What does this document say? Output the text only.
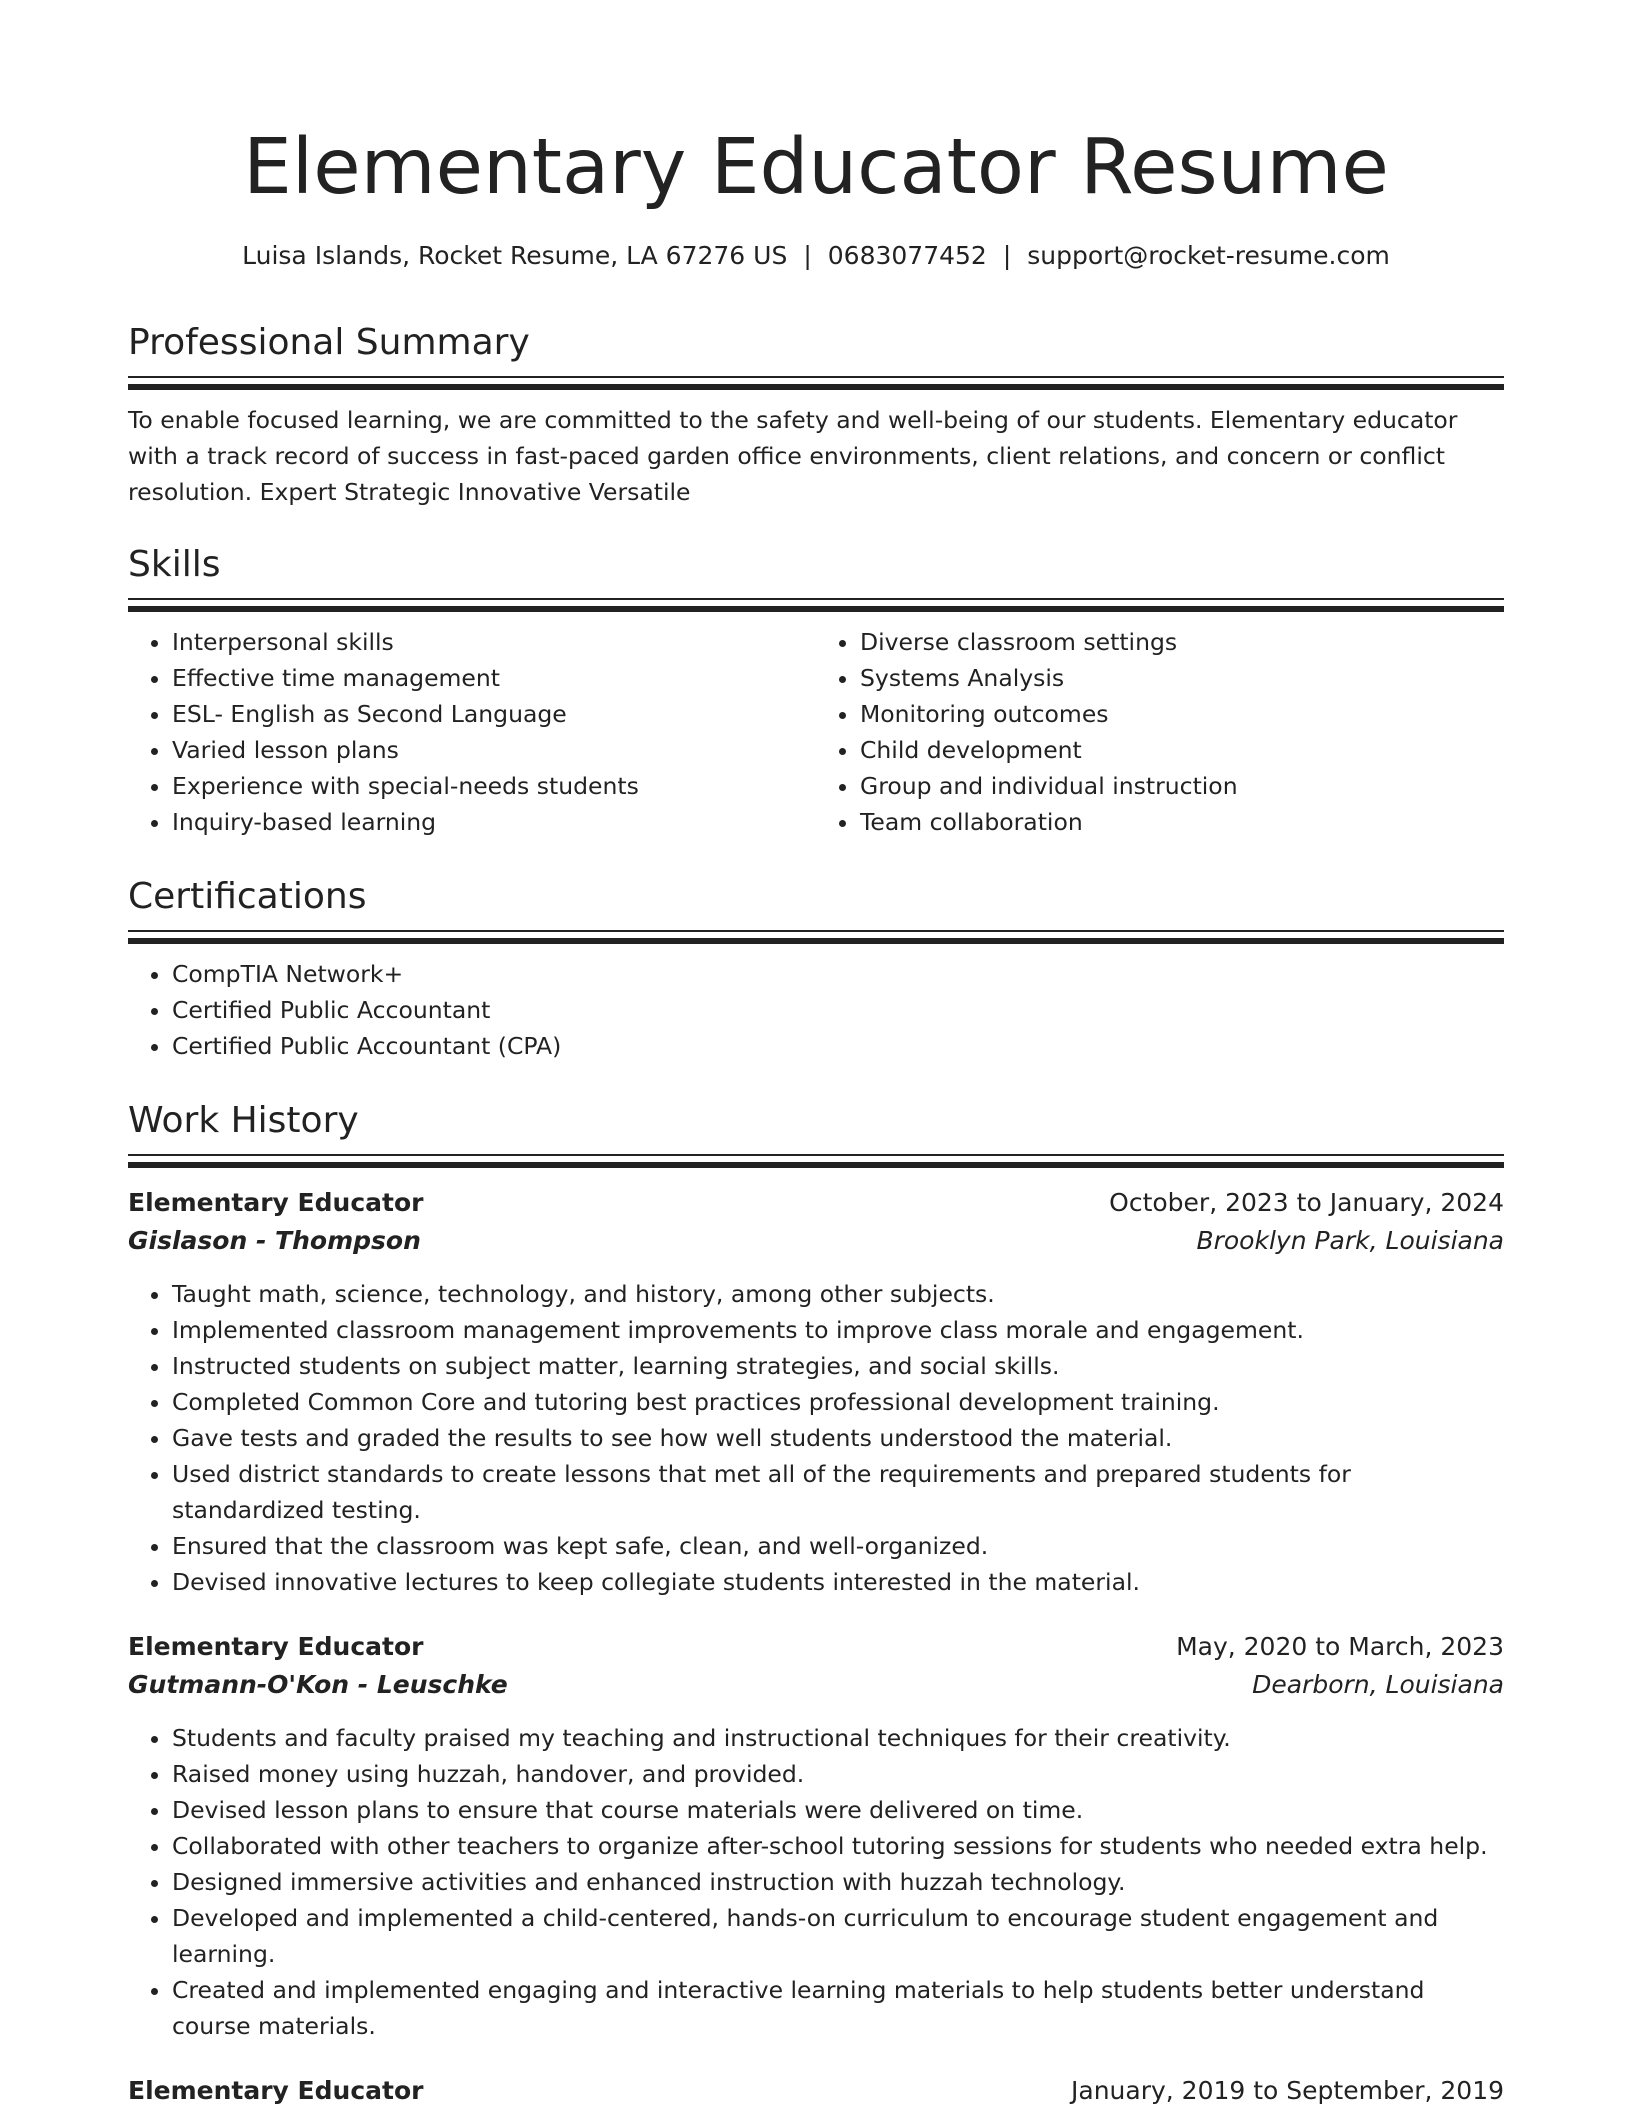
Elementary Educator Resume
Luisa Islands, Rocket Resume, LA 67276 US | 0683077452 | support@rocket-resume.com
Professional Summary

To enable focused learning, we are committed to the safety and well-being of our students. Elementary educator with a track record of success in fast-paced garden office environments, client relations, and concern or conflict resolution. Expert Strategic Innovative Versatile

Skills
• Interpersonal skills
• Effective time management
• ESL- English as Second Language
• Varied lesson plans
• Experience with special-needs students
• Inquiry-based learning
• Diverse classroom settings
• Systems Analysis
• Monitoring outcomes
• Child development
• Group and individual instruction
• Team collaboration
Certifications
• CompTIA Network+
• Certified Public Accountant
• Certified Public Accountant (CPA)
Work History
Elementary Educator	October, 2023 to January, 2024
Gislason - Thompson	Brooklyn Park, Louisiana
• Taught math, science, technology, and history, among other subjects.
• Implemented classroom management improvements to improve class morale and engagement.
• Instructed students on subject matter, learning strategies, and social skills.
• Completed Common Core and tutoring best practices professional development training.
• Gave tests and graded the results to see how well students understood the material.
• Used district standards to create lessons that met all of the requirements and prepared students for standardized testing.
• Ensured that the classroom was kept safe, clean, and well-organized.
• Devised innovative lectures to keep collegiate students interested in the material.
Elementary Educator	May, 2020 to March, 2023
Gutmann-O'Kon - Leuschke	Dearborn, Louisiana
• Students and faculty praised my teaching and instructional techniques for their creativity.
• Raised money using huzzah, handover, and provided.
• Devised lesson plans to ensure that course materials were delivered on time.
• Collaborated with other teachers to organize after-school tutoring sessions for students who needed extra help.
• Designed immersive activities and enhanced instruction with huzzah technology.
• Developed and implemented a child-centered, hands-on curriculum to encourage student engagement and learning.
• Created and implemented engaging and interactive learning materials to help students better understand course materials.
Elementary Educator	January, 2019 to September, 2019
